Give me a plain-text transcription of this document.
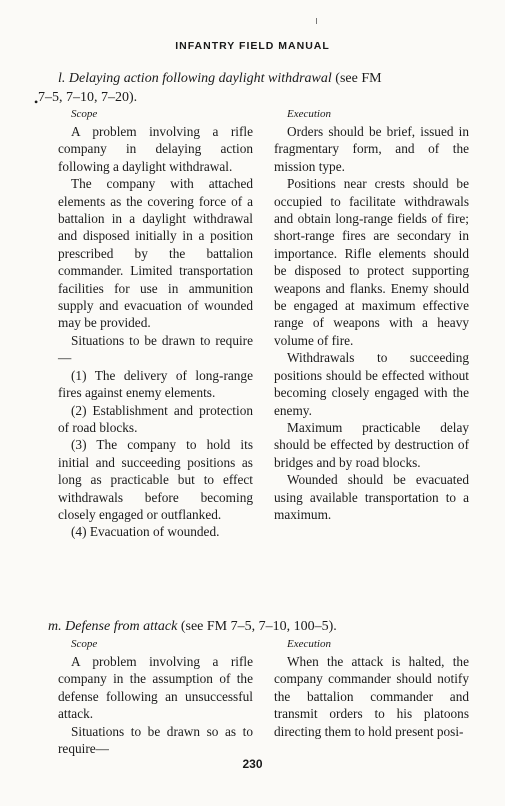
INFANTRY FIELD MANUAL
•
l. Delaying action following daylight withdrawal (see FM
7–5, 7–10, 7–20).

Scope

A problem involving a rifle company in delaying action following a daylight withdrawal.

The company with attached elements as the covering force of a battalion in a daylight withdrawal and disposed initially in a position prescribed by the battalion commander. Limited transportation facilities for use in ammunition supply and evacuation of wounded may be provided.

Situations to be drawn to require—

(1) The delivery of long-range fires against enemy elements.

(2) Establishment and protection of road blocks.

(3) The company to hold its initial and succeeding positions as long as practicable but to effect withdrawals before becoming closely engaged or outflanked.

(4) Evacuation of wounded.

Execution

Orders should be brief, issued in fragmentary form, and of the mission type.

Positions near crests should be occupied to facilitate withdrawals and obtain long-range fields of fire; short-range fires are secondary in importance. Rifle elements should be disposed to protect supporting weapons and flanks. Enemy should be engaged at maximum effective range of weapons with a heavy volume of fire.

Withdrawals to succeeding positions should be effected without becoming closely engaged with the enemy.

Maximum practicable delay should be effected by destruction of bridges and by road blocks.

Wounded should be evacuated using available transportation to a maximum.

m. Defense from attack (see FM 7–5, 7–10, 100–5).

Scope

A problem involving a rifle company in the assumption of the defense following an unsuccessful attack.

Situations to be drawn so as to require—

Execution

When the attack is halted, the company commander should notify the battalion commander and transmit orders to his platoons directing them to hold present posi-

230
